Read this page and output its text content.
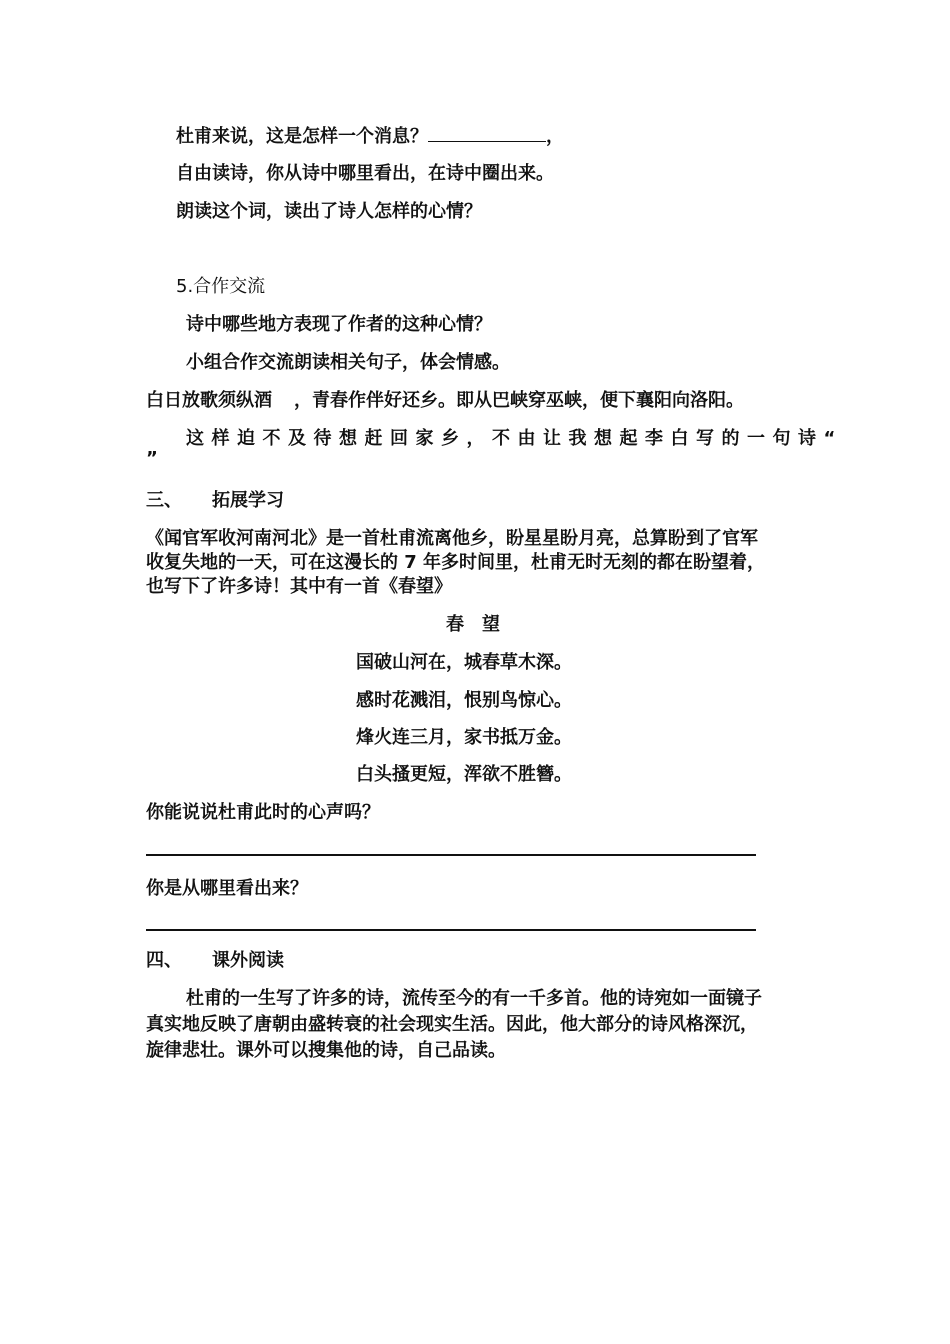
杜甫来说，这是怎样一个消息？	，
自由读诗，你从诗中哪里看出，在诗中圈出来。
朗读这个词，读出了诗人怎样的心情？
5.合作交流
诗中哪些地方表现了作者的这种心情？
小组合作交流朗读相关句子，体会情感。
白日放歌须纵酒 ，青春作伴好还乡。即从巴峡穿巫峡，便下襄阳向洛阳。
这样迫不及待想赶回家乡，不由让我想起李白写的一句诗“
”
三、 拓展学习
《闻官军收河南河北》是一首杜甫流离他乡，盼星星盼月亮，总算盼到了官军
收复失地的一天，可在这漫长的 7 年多时间里，杜甫无时无刻的都在盼望着，
也写下了许多诗！其中有一首《春望》
春　望
国破山河在，城春草木深。
感时花溅泪，恨别鸟惊心。
烽火连三月，家书抵万金。
白头搔更短，浑欲不胜簪。
你能说说杜甫此时的心声吗？
你是从哪里看出来？
四、 课外阅读
杜甫的一生写了许多的诗，流传至今的有一千多首。他的诗宛如一面镜子
真实地反映了唐朝由盛转衰的社会现实生活。因此，他大部分的诗风格深沉，
旋律悲壮。课外可以搜集他的诗，自己品读。
